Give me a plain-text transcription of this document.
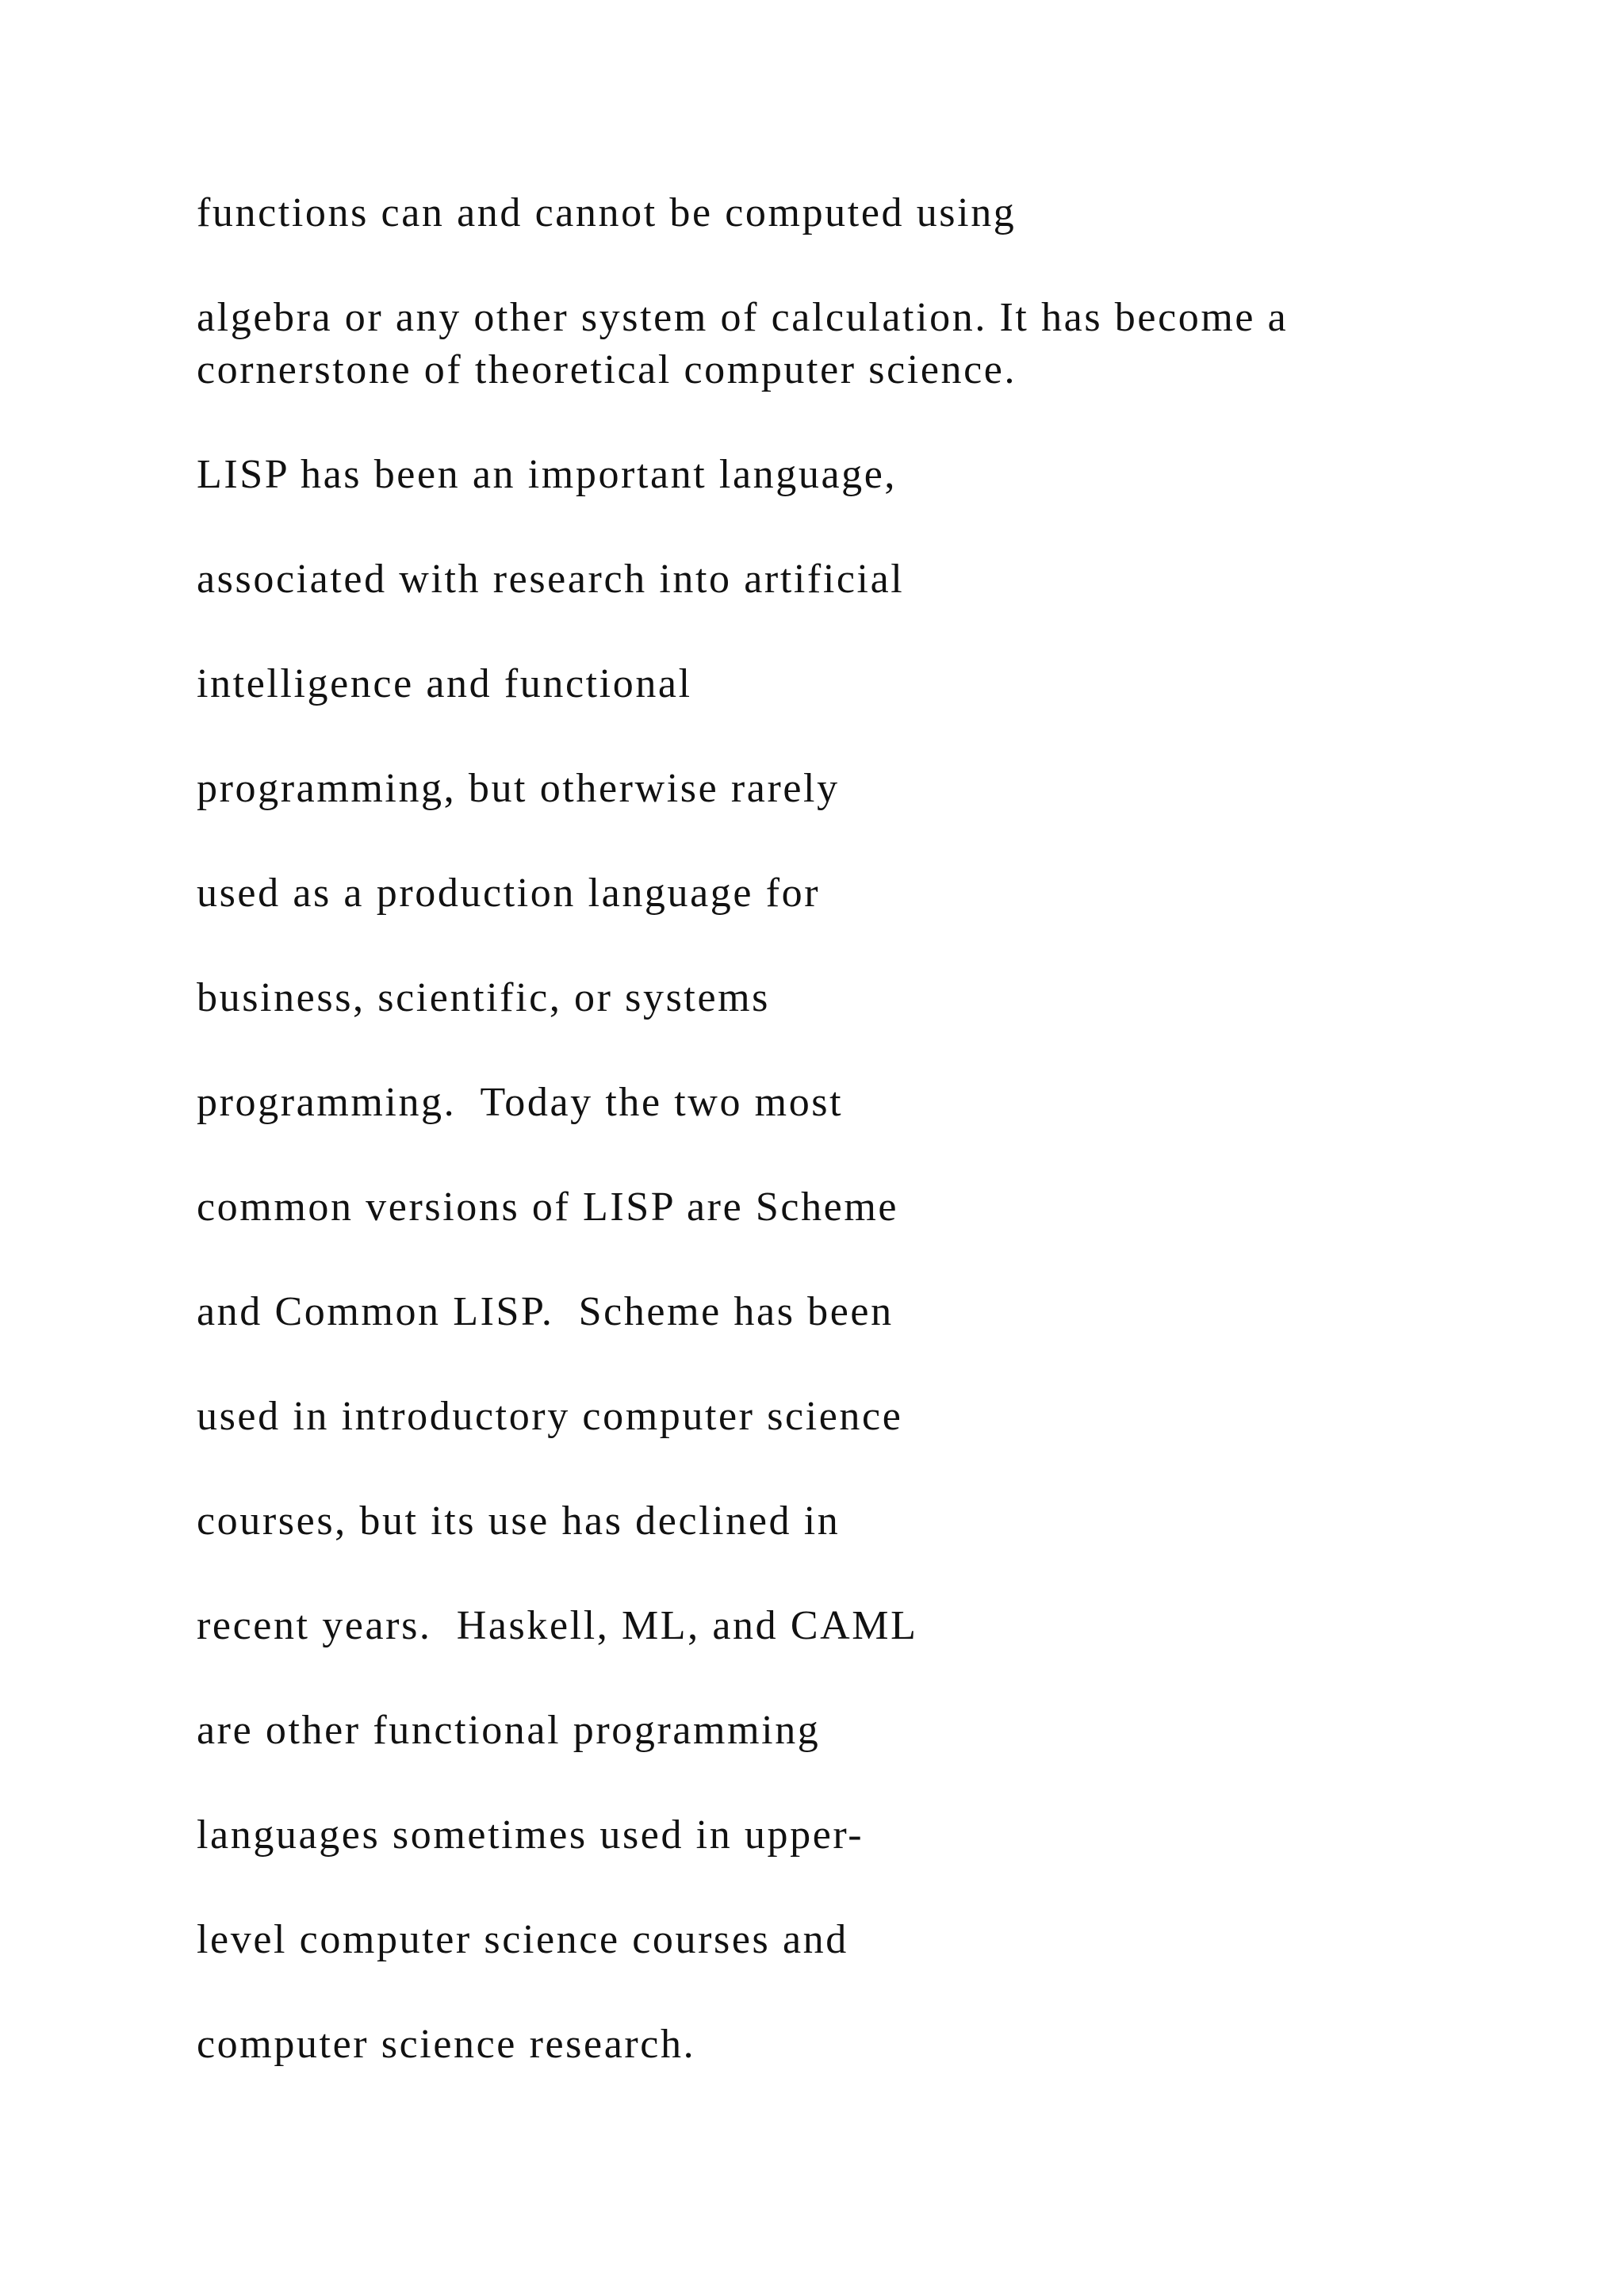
functions can and cannot be computed using

algebra or any other system of calculation. It has become a

cornerstone of theoretical computer science.

LISP has been an important language,

associated with research into artificial

intelligence and functional

programming, but otherwise rarely

used as a production language for

business, scientific, or systems

programming.  Today the two most

common versions of LISP are Scheme

and Common LISP.  Scheme has been

used in introductory computer science

courses, but its use has declined in

recent years.  Haskell, ML, and CAML

are other functional programming

languages sometimes used in upper-

level computer science courses and

computer science research.
